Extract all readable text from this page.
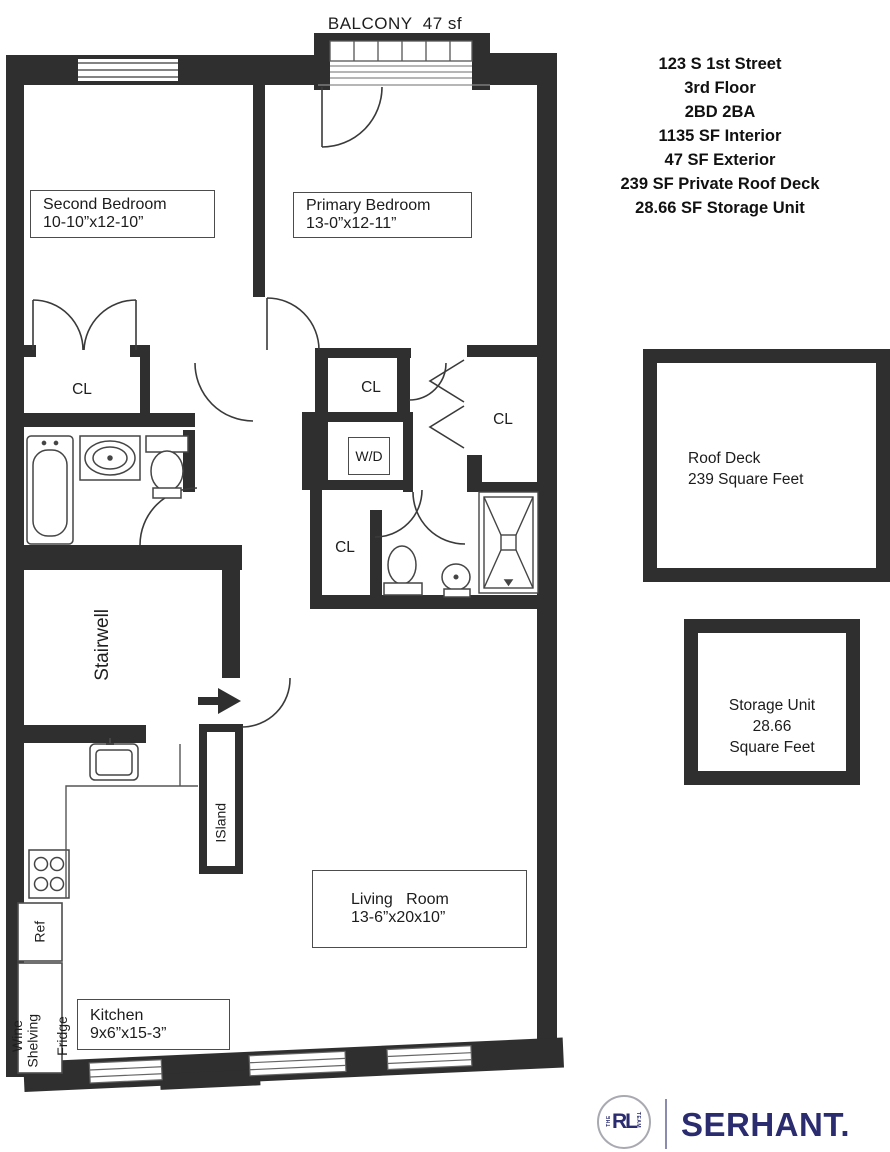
BALCONY  47 sf
Second Bedroom
10-10”x12-10”
Primary Bedroom
13-0”x12-11”
CL	CL
CL
CL
W/D
Stairwell
ISland
Ref

Wine

Fridge

Shelving	Kitchen
9x6”x15-3”
Living   Room
13-6”x20x10”
123 S 1st Street
3rd Floor
2BD 2BA
1135 SF Interior
47 SF Exterior
239 SF Private Roof Deck
28.66 SF Storage Unit
Roof Deck
239 Square Feet
Storage Unit
28.66
Square Feet
RL
THE	TEAM SERHANT.
